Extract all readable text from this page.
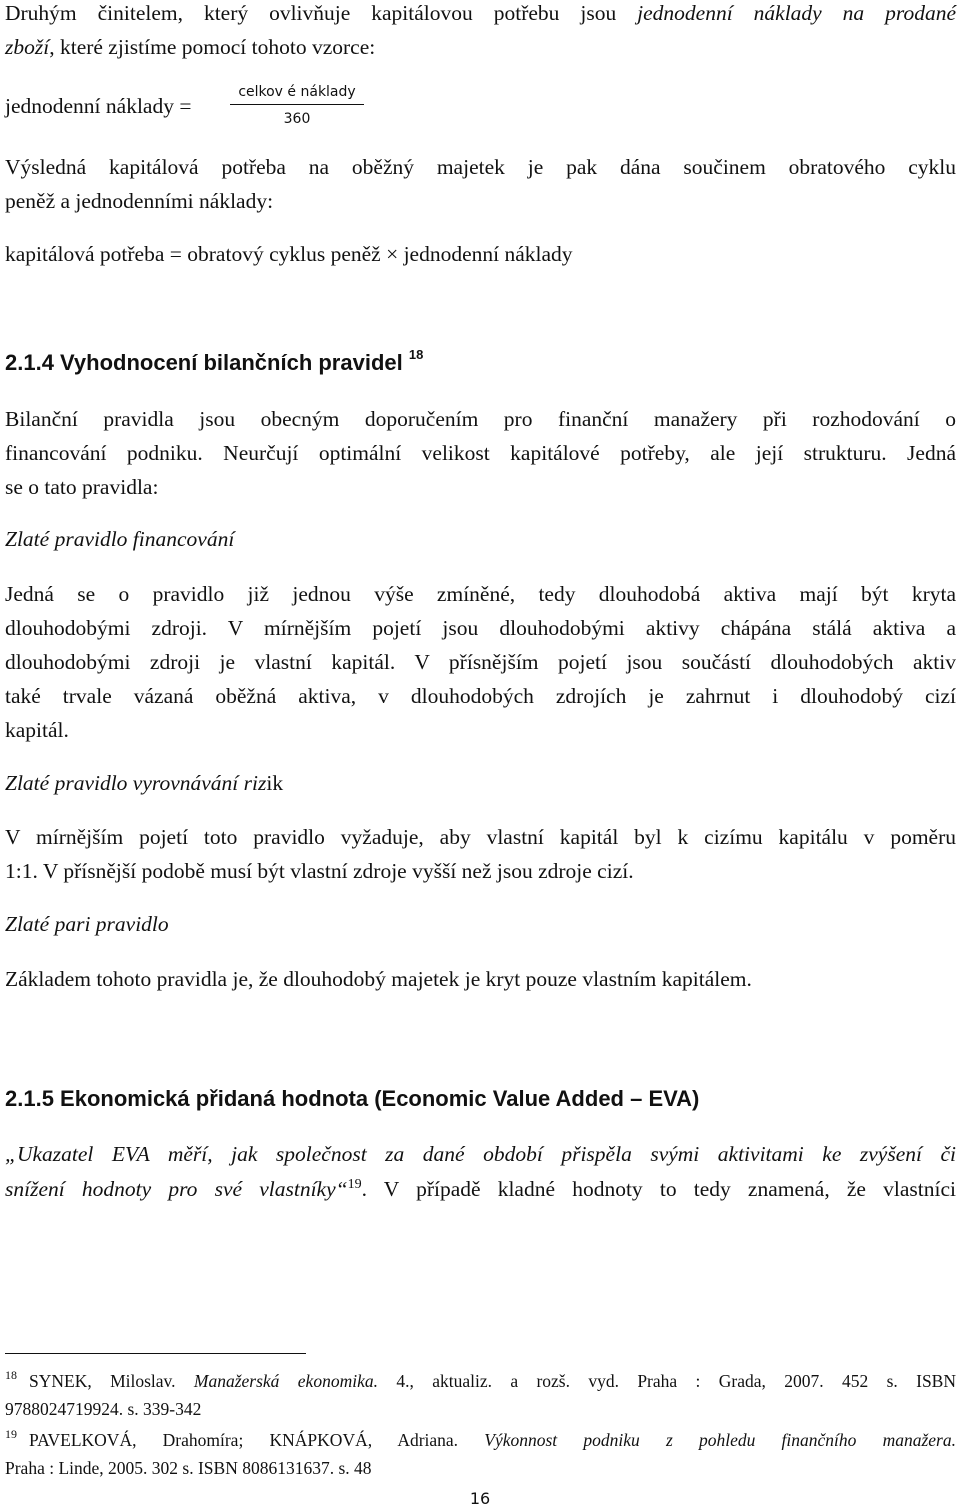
Druhým činitelem, který ovlivňuje kapitálovou potřebu jsou jednodenní náklady na prodané
zboží, které zjistíme pomocí tohoto vzorce:
jednodenní náklady =
celkov é náklady
360
Výsledná kapitálová potřeba na oběžný majetek je pak dána součinem obratového cyklu
peněž a jednodenními náklady:
kapitálová potřeba = obratový cyklus peněž × jednodenní náklady
2.1.4 Vyhodnocení bilančních pravidel $^{18}$
Bilanční pravidla jsou obecným doporučením pro finanční manažery při rozhodování o
financování podniku. Neurčují optimální velikost kapitálové potřeby, ale její strukturu. Jedná
se o tato pravidla:
Zlaté pravidlo financování
Jedná se o pravidlo již jednou výše zmíněné, tedy dlouhodobá aktiva mají být kryta
dlouhodobými zdroji. V mírnějším pojetí jsou dlouhodobými aktivy chápána stálá aktiva a
dlouhodobými zdroji je vlastní kapitál. V přísnějším pojetí jsou součástí dlouhodobých aktiv
také trvale vázaná oběžná aktiva, v dlouhodobých zdrojích je zahrnut i dlouhodobý cizí
kapitál.
Zlaté pravidlo vyrovnávání rizik
V mírnějším pojetí toto pravidlo vyžaduje, aby vlastní kapitál byl k cizímu kapitálu v poměru
1:1. V přísnější podobě musí být vlastní zdroje vyšší než jsou zdroje cizí.
Zlaté pari pravidlo
Základem tohoto pravidla je, že dlouhodobý majetek je kryt pouze vlastním kapitálem.
2.1.5 Ekonomická přidaná hodnota (Economic Value Added – EVA)
„Ukazatel EVA měří, jak společnost za dané období přispěla svými aktivitami ke zvýšení či
snížení hodnoty pro své vlastníky“$^{19}$. V případě kladné hodnoty to tedy znamená, že vlastníci
$^{18}$ SYNEK, Miloslav. Manažerská ekonomika. 4., aktualiz. a rozš. vyd. Praha : Grada, 2007. 452 s. ISBN
9788024719924. s. 339-342
$^{19}$ PAVELKOVÁ, Drahomíra; KNÁPKOVÁ, Adriana. Výkonnost podniku z pohledu finančního manažera.
Praha : Linde, 2005. 302 s. ISBN 8086131637. s. 48
16
